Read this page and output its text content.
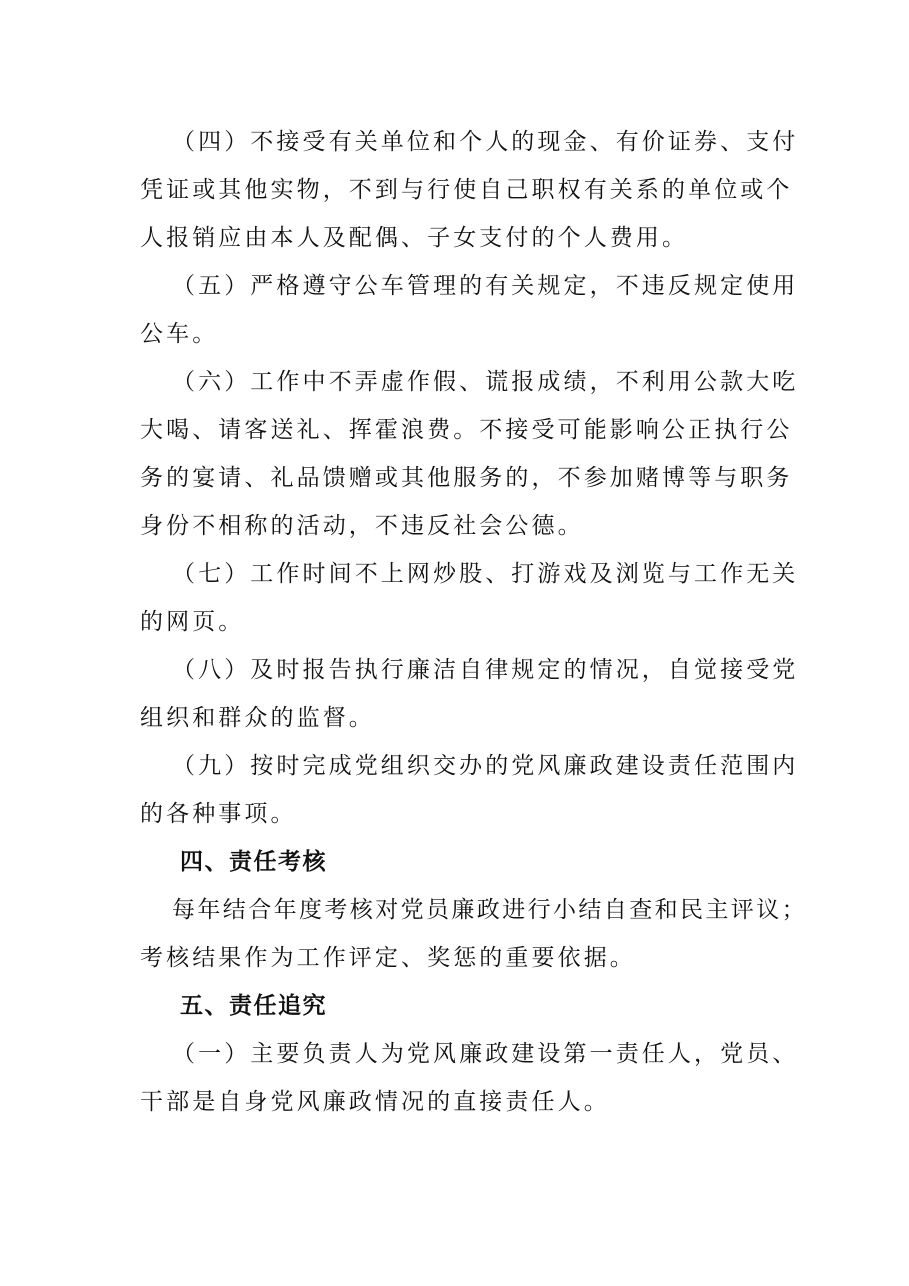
（四）不接受有关单位和个人的现金、有价证券、支付
凭证或其他实物，不到与行使自己职权有关系的单位或个
人报销应由本人及配偶、子女支付的个人费用。
（五）严格遵守公车管理的有关规定，不违反规定使用
公车。
（六）工作中不弄虚作假、谎报成绩，不利用公款大吃
大喝、请客送礼、挥霍浪费。不接受可能影响公正执行公
务的宴请、礼品馈赠或其他服务的，不参加赌博等与职务
身份不相称的活动，不违反社会公德。
（七）工作时间不上网炒股、打游戏及浏览与工作无关
的网页。
（八）及时报告执行廉洁自律规定的情况，自觉接受党
组织和群众的监督。
（九）按时完成党组织交办的党风廉政建设责任范围内
的各种事项。
四、责任考核
每年结合年度考核对党员廉政进行小结自查和民主评议；
考核结果作为工作评定、奖惩的重要依据。
五、责任追究
（一）主要负责人为党风廉政建设第一责任人，党员、
干部是自身党风廉政情况的直接责任人。
